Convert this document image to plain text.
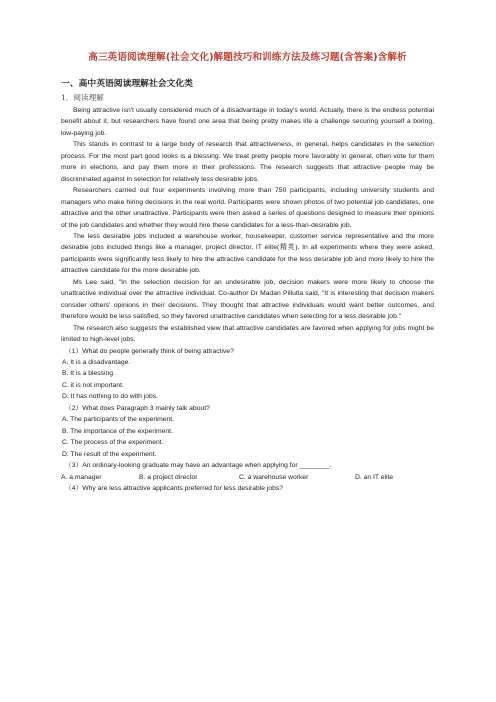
高三英语阅读理解(社会文化)解题技巧和训练方法及练习题(含答案)含解析
一、高中英语阅读理解社会文化类
1．阅读理解

Being attractive isn't usually considered much of a disadvantage in today's world. Actually, there is the endless potential benefit about it, but researchers have found one area that being pretty makes life a challenge securing yourself a boring, low-paying job.

This stands in contrast to a large body of research that attractiveness, in general, helps candidates in the selection process. For the most part good looks is a blessing. We treat pretty people more favorably in general, often vote for them more in elections, and pay them more in their professions. The research suggests that attractive people may be discriminated against in selection for relatively less desirable jobs.

Researchers carried out four experiments involving more than 750 participants, including university students and managers who make hiring decisions in the real world. Participants were shown photos of two potential job candidates, one attractive and the other unattractive. Participants were then asked a series of questions designed to measure their opinions of the job candidates and whether they would hire these candidates for a less-than-desirable job.

The less desirable jobs included a warehouse worker, housekeeper, customer service representative and the more desirable jobs included things like a manager, project director, IT elite(精英). In all experiments where they were asked, participants were significantly less likely to hire the attractive candidate for the less desirable job and more likely to hire the attractive candidate for the more desirable job.

Ms Lee said, "In the selection decision for an undesirable job, decision makers were more likely to choose the unattractive individual over the attractive individual. Co-author Dr Madan Pillutla said, "It is interesting that decision makers consider others' opinions in their decisions. They thought that attractive individuals would want better outcomes, and therefore would be less satisfied, so they favored unattractive candidates when selecting for a less desirable job."

The research also suggests the established view that attractive candidates are favored when applying for jobs might be limited to high-level jobs.

（1）What do people generally think of being attractive?
A. It is a disadvantage.
B. It is a blessing.
C. it is not important.
D. It has nothing to do with jobs.
（2）What does Paragraph 3 mainly talk about?
A. The participants of the experiment.
B. The importance of the experiment.
C. The process of the experiment.
D. The result of the experiment.
（3）An ordinary-looking graduate may have an advantage when applying for ________.
A. a manager	B. a project director	C. a warehouse worker	D. an IT elite
（4）Why are less attractive applicants preferred for less desirable jobs?
